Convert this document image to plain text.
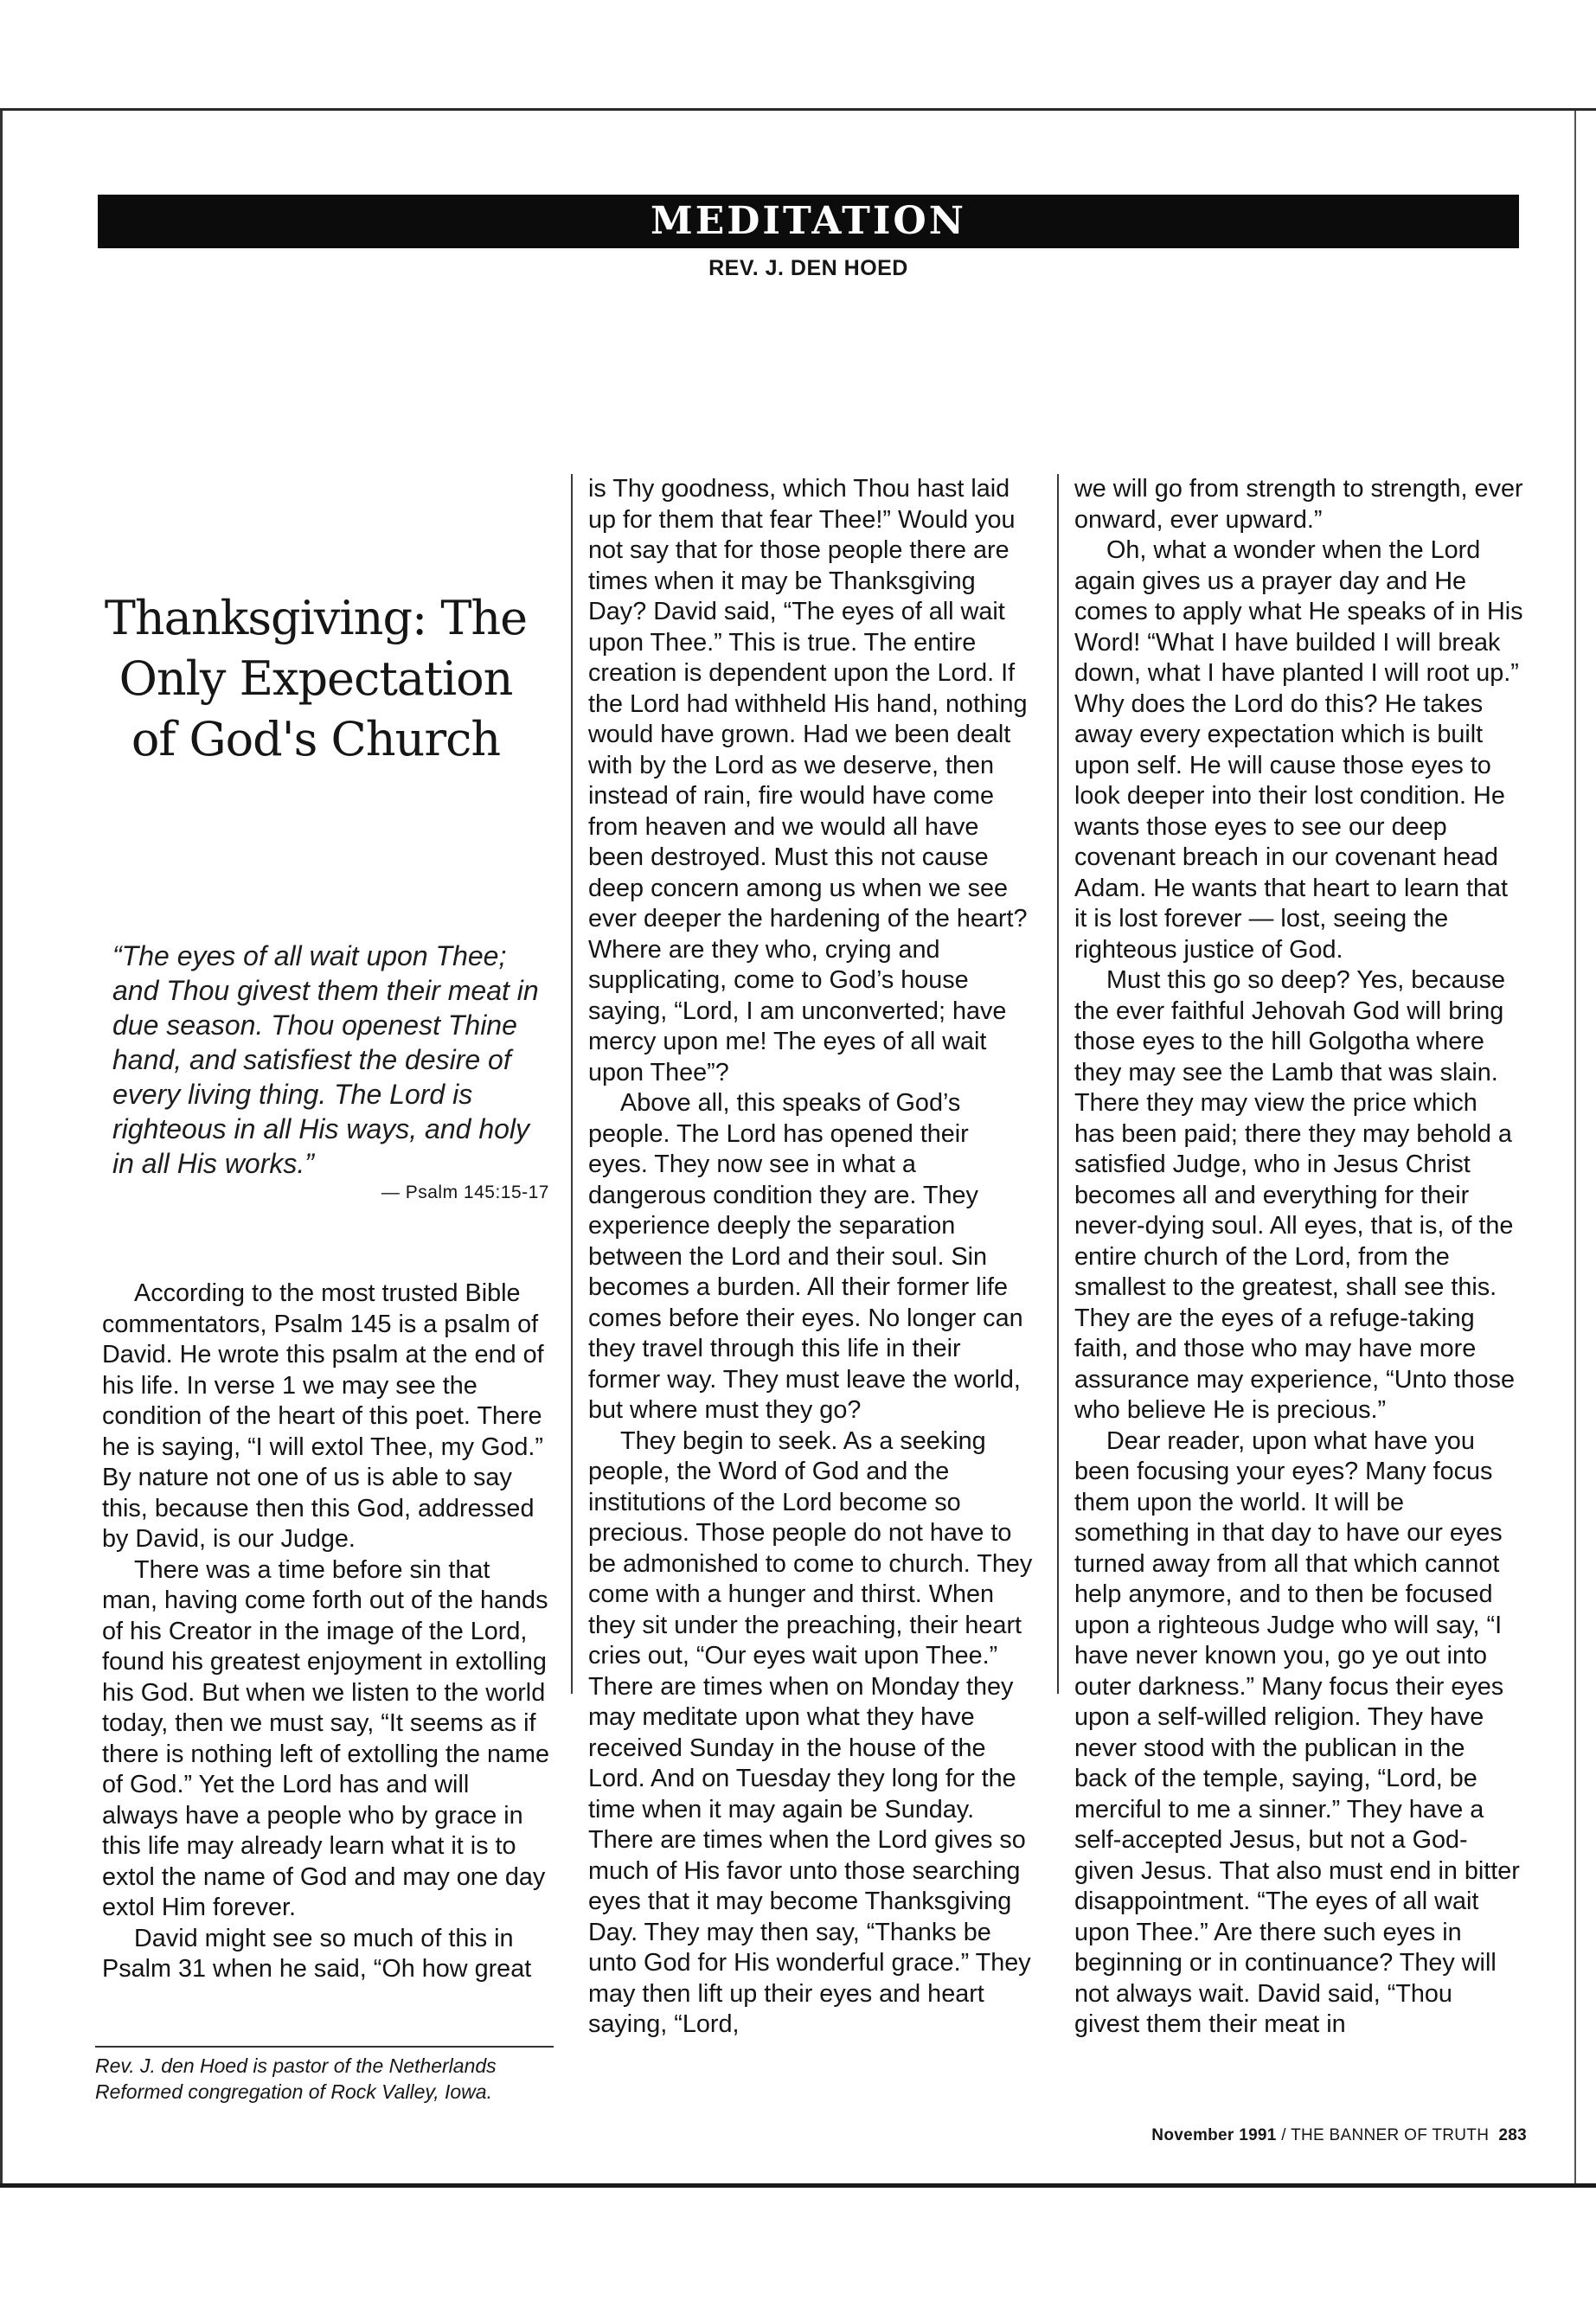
MEDITATION
REV. J. DEN HOED
Thanksgiving: The Only Expectation of God's Church
“The eyes of all wait upon Thee; and Thou givest them their meat in due season. Thou openest Thine hand, and satisfiest the desire of every living thing. The Lord is righteous in all His ways, and holy in all His works.”
— Psalm 145:15-17

According to the most trusted Bible commentators, Psalm 145 is a psalm of David. He wrote this psalm at the end of his life. In verse 1 we may see the condition of the heart of this poet. There he is saying, “I will extol Thee, my God.” By nature not one of us is able to say this, because then this God, addressed by David, is our Judge.

There was a time before sin that man, having come forth out of the hands of his Creator in the image of the Lord, found his greatest enjoyment in extolling his God. But when we listen to the world today, then we must say, “It seems as if there is nothing left of extolling the name of God.” Yet the Lord has and will always have a people who by grace in this life may already learn what it is to extol the name of God and may one day extol Him forever.

David might see so much of this in Psalm 31 when he said, “Oh how great

is Thy goodness, which Thou hast laid up for them that fear Thee!” Would you not say that for those people there are times when it may be Thanksgiving Day? David said, “The eyes of all wait upon Thee.” This is true. The entire creation is dependent upon the Lord. If the Lord had withheld His hand, nothing would have grown. Had we been dealt with by the Lord as we deserve, then instead of rain, fire would have come from heaven and we would all have been destroyed. Must this not cause deep concern among us when we see ever deeper the hardening of the heart? Where are they who, crying and supplicating, come to God’s house saying, “Lord, I am unconverted; have mercy upon me! The eyes of all wait upon Thee”?

Above all, this speaks of God’s people. The Lord has opened their eyes. They now see in what a dangerous condition they are. They experience deeply the separation between the Lord and their soul. Sin becomes a burden. All their former life comes before their eyes. No longer can they travel through this life in their former way. They must leave the world, but where must they go?

They begin to seek. As a seeking people, the Word of God and the institutions of the Lord become so precious. Those people do not have to be admonished to come to church. They come with a hunger and thirst. When they sit under the preaching, their heart cries out, “Our eyes wait upon Thee.” There are times when on Monday they may meditate upon what they have received Sunday in the house of the Lord. And on Tuesday they long for the time when it may again be Sunday. There are times when the Lord gives so much of His favor unto those searching eyes that it may become Thanksgiving Day. They may then say, “Thanks be unto God for His wonderful grace.” They may then lift up their eyes and heart saying, “Lord,

we will go from strength to strength, ever onward, ever upward.”

Oh, what a wonder when the Lord again gives us a prayer day and He comes to apply what He speaks of in His Word! “What I have builded I will break down, what I have planted I will root up.” Why does the Lord do this? He takes away every expectation which is built upon self. He will cause those eyes to look deeper into their lost condition. He wants those eyes to see our deep covenant breach in our covenant head Adam. He wants that heart to learn that it is lost forever — lost, seeing the righteous justice of God.

Must this go so deep? Yes, because the ever faithful Jehovah God will bring those eyes to the hill Golgotha where they may see the Lamb that was slain. There they may view the price which has been paid; there they may behold a satisfied Judge, who in Jesus Christ becomes all and everything for their never-dying soul. All eyes, that is, of the entire church of the Lord, from the smallest to the greatest, shall see this. They are the eyes of a refuge-taking faith, and those who may have more assurance may experience, “Unto those who believe He is precious.”

Dear reader, upon what have you been focusing your eyes? Many focus them upon the world. It will be something in that day to have our eyes turned away from all that which cannot help anymore, and to then be focused upon a righteous Judge who will say, “I have never known you, go ye out into outer darkness.” Many focus their eyes upon a self-willed religion. They have never stood with the publican in the back of the temple, saying, “Lord, be merciful to me a sinner.” They have a self-accepted Jesus, but not a God-given Jesus. That also must end in bitter disappointment. “The eyes of all wait upon Thee.” Are there such eyes in beginning or in continuance? They will not always wait. David said, “Thou givest them their meat in

Rev. J. den Hoed is pastor of the Netherlands Reformed congregation of Rock Valley, Iowa.
November 1991 / THE BANNER OF TRUTH 283
